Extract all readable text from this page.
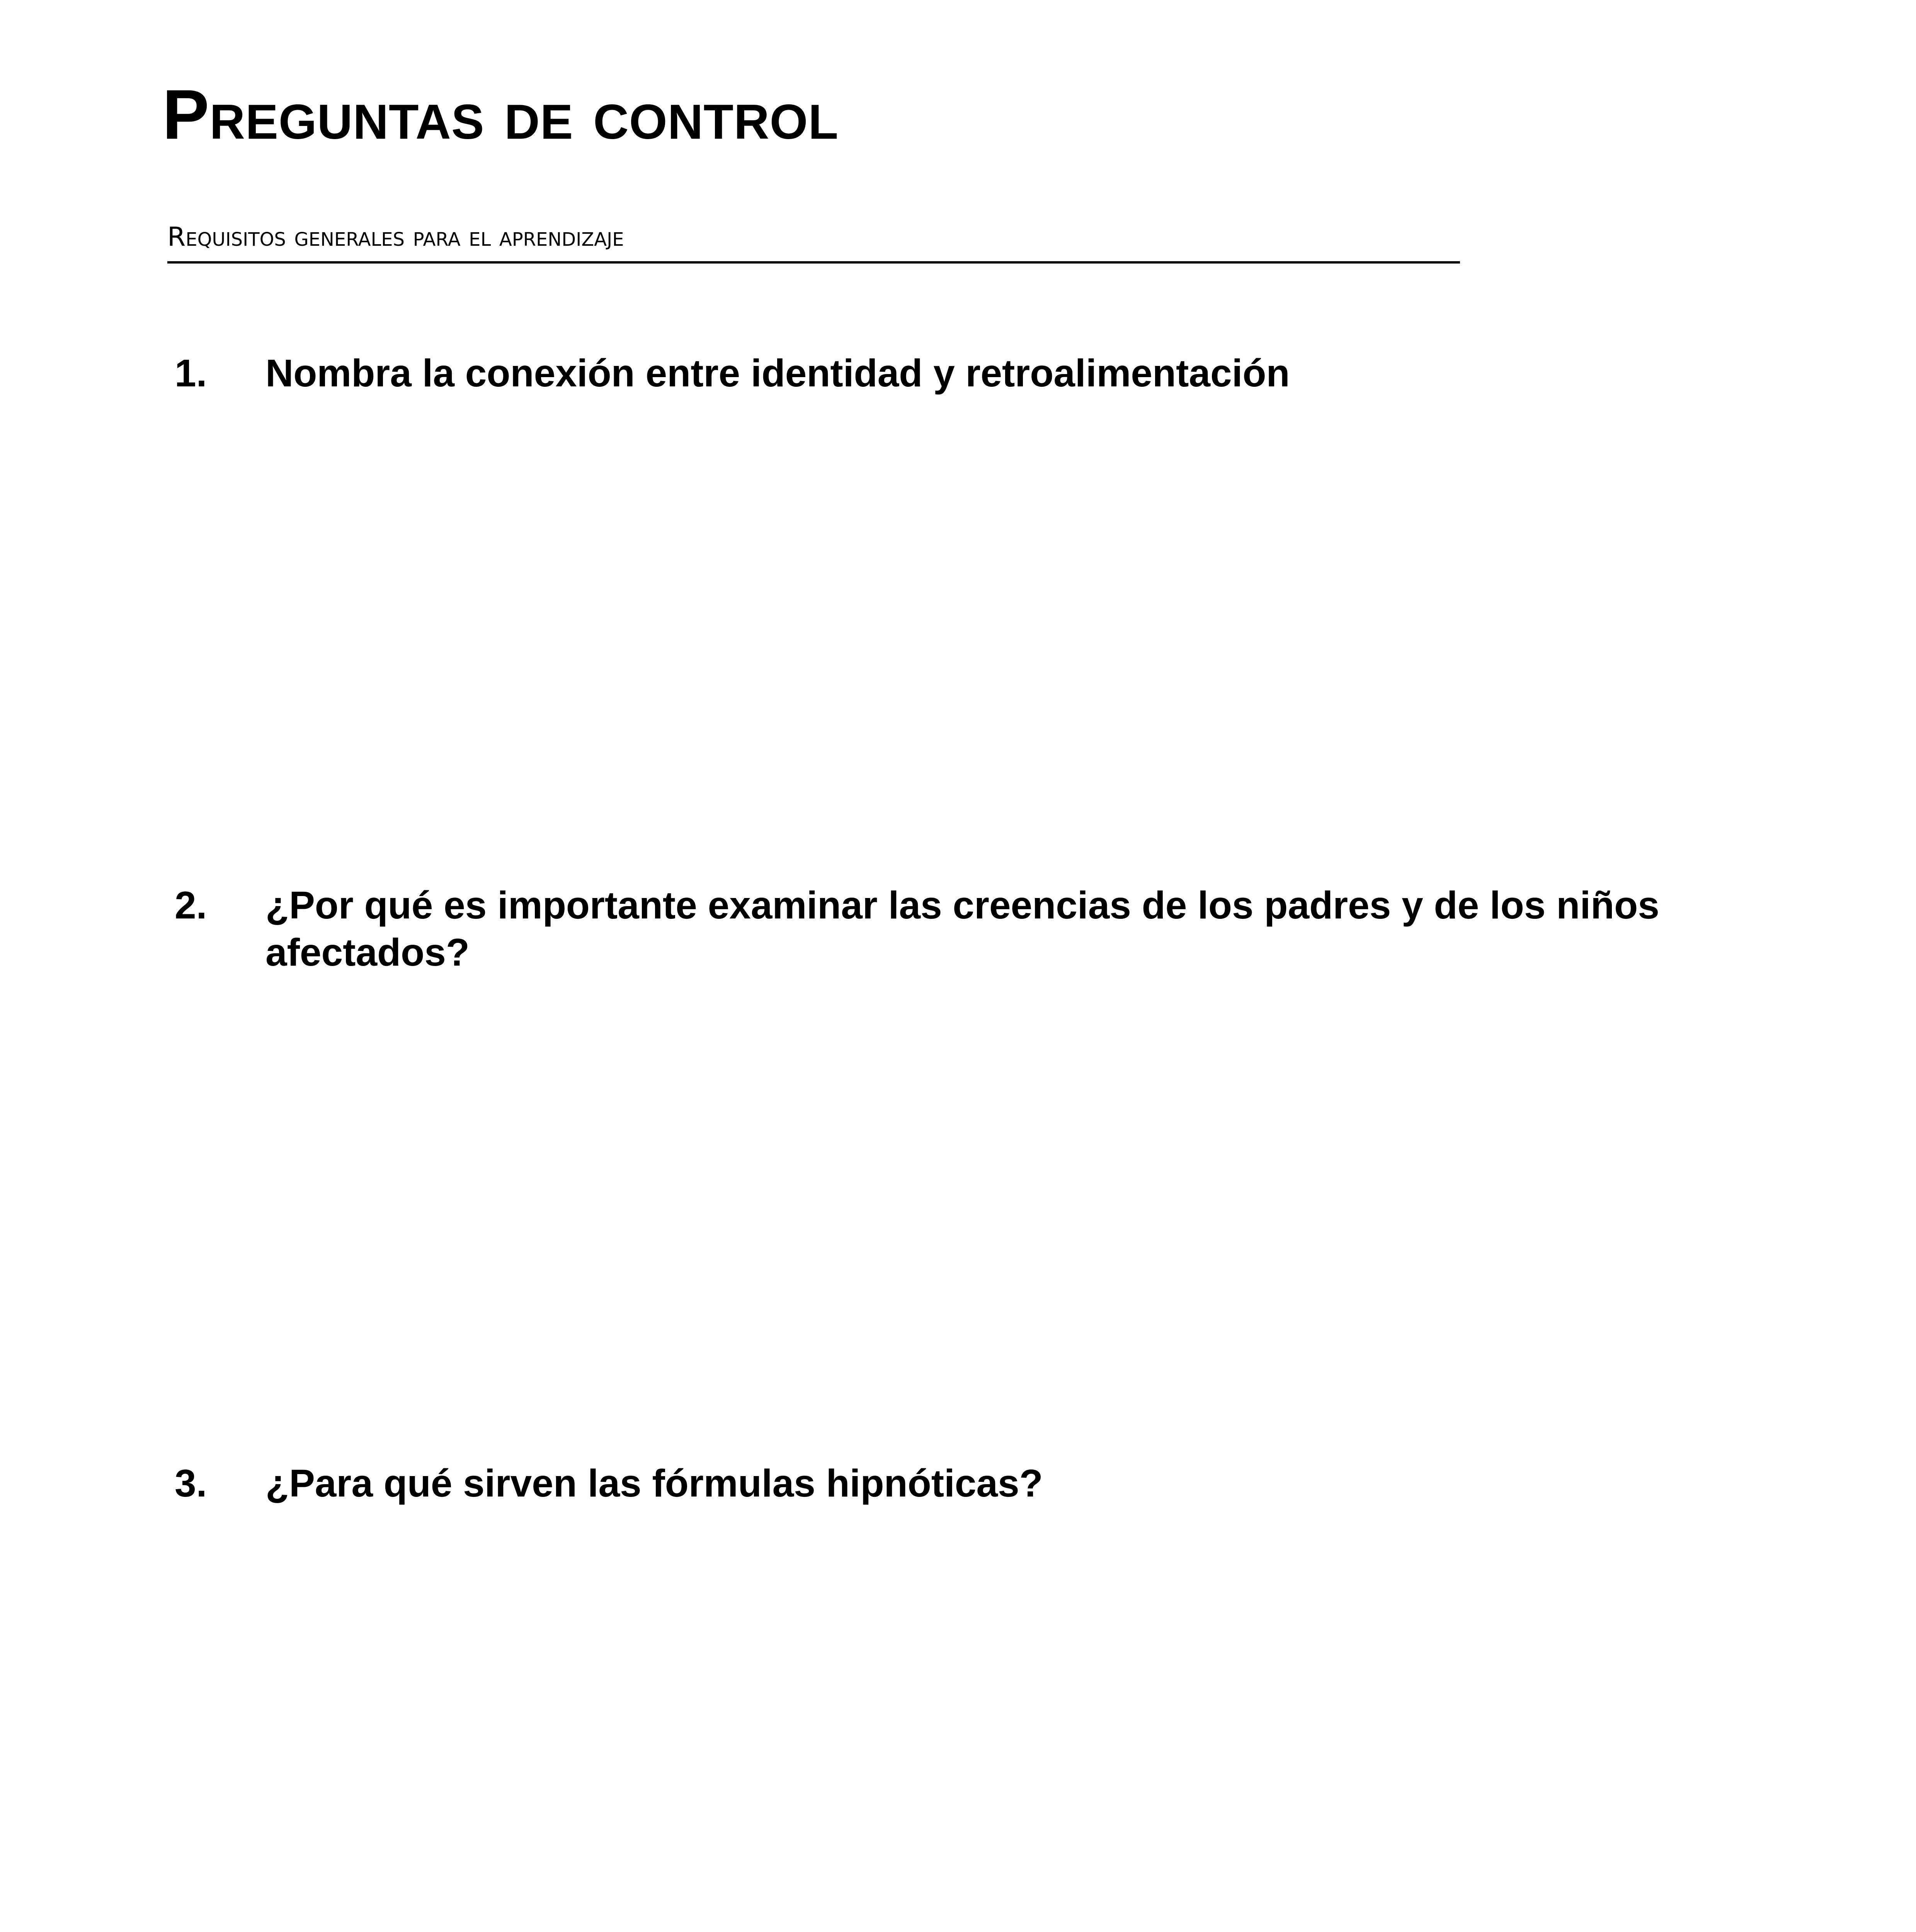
Preguntas de control
Requisitos generales para el aprendizaje
1. Nombra la conexión entre identidad y retroalimentación
2. ¿Por qué es importante examinar las creencias de los padres y de los niños afectados?
3. ¿Para qué sirven las fórmulas hipnóticas?
